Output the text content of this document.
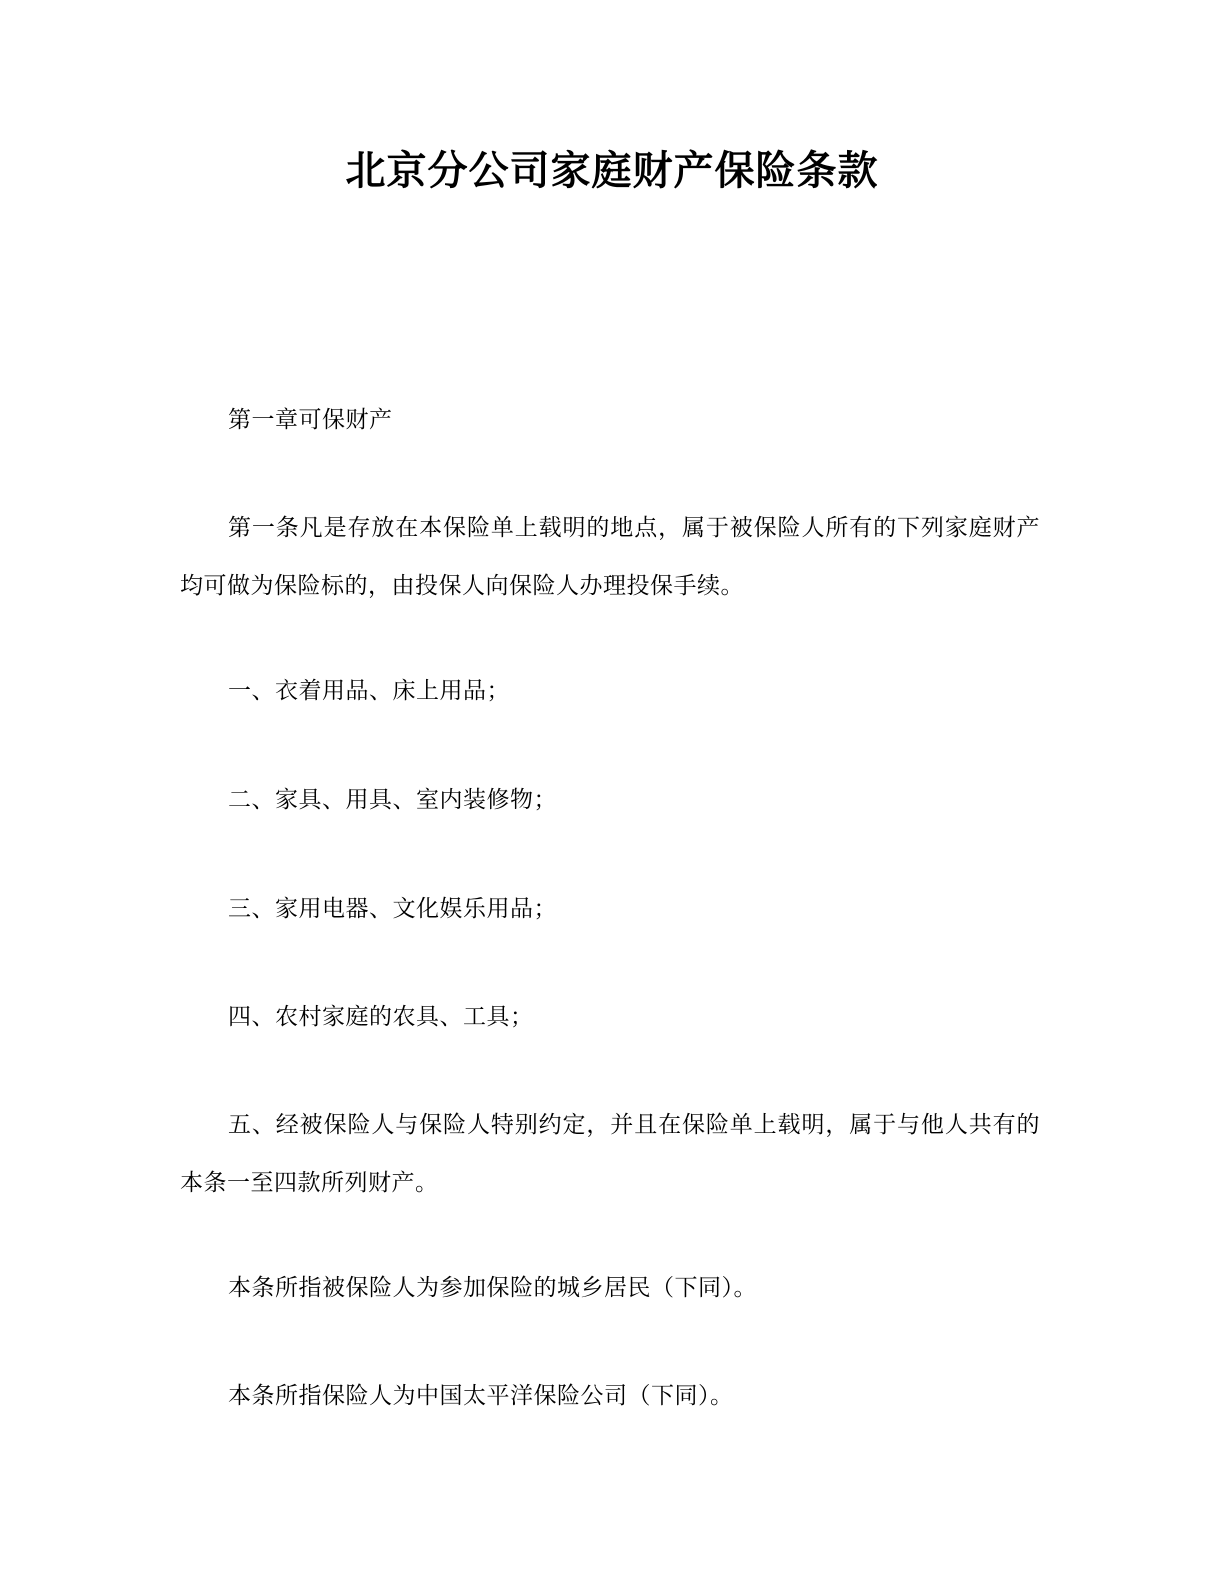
北京分公司家庭财产保险条款

第一章可保财产

第一条凡是存放在本保险单上载明的地点，属于被保险人所有的下列家庭财产均可做为保险标的，由投保人向保险人办理投保手续。

一、衣着用品、床上用品；

二、家具、用具、室内装修物；

三、家用电器、文化娱乐用品；

四、农村家庭的农具、工具；

五、经被保险人与保险人特别约定，并且在保险单上载明，属于与他人共有的本条一至四款所列财产。

本条所指被保险人为参加保险的城乡居民（下同）。

本条所指保险人为中国太平洋保险公司（下同）。
